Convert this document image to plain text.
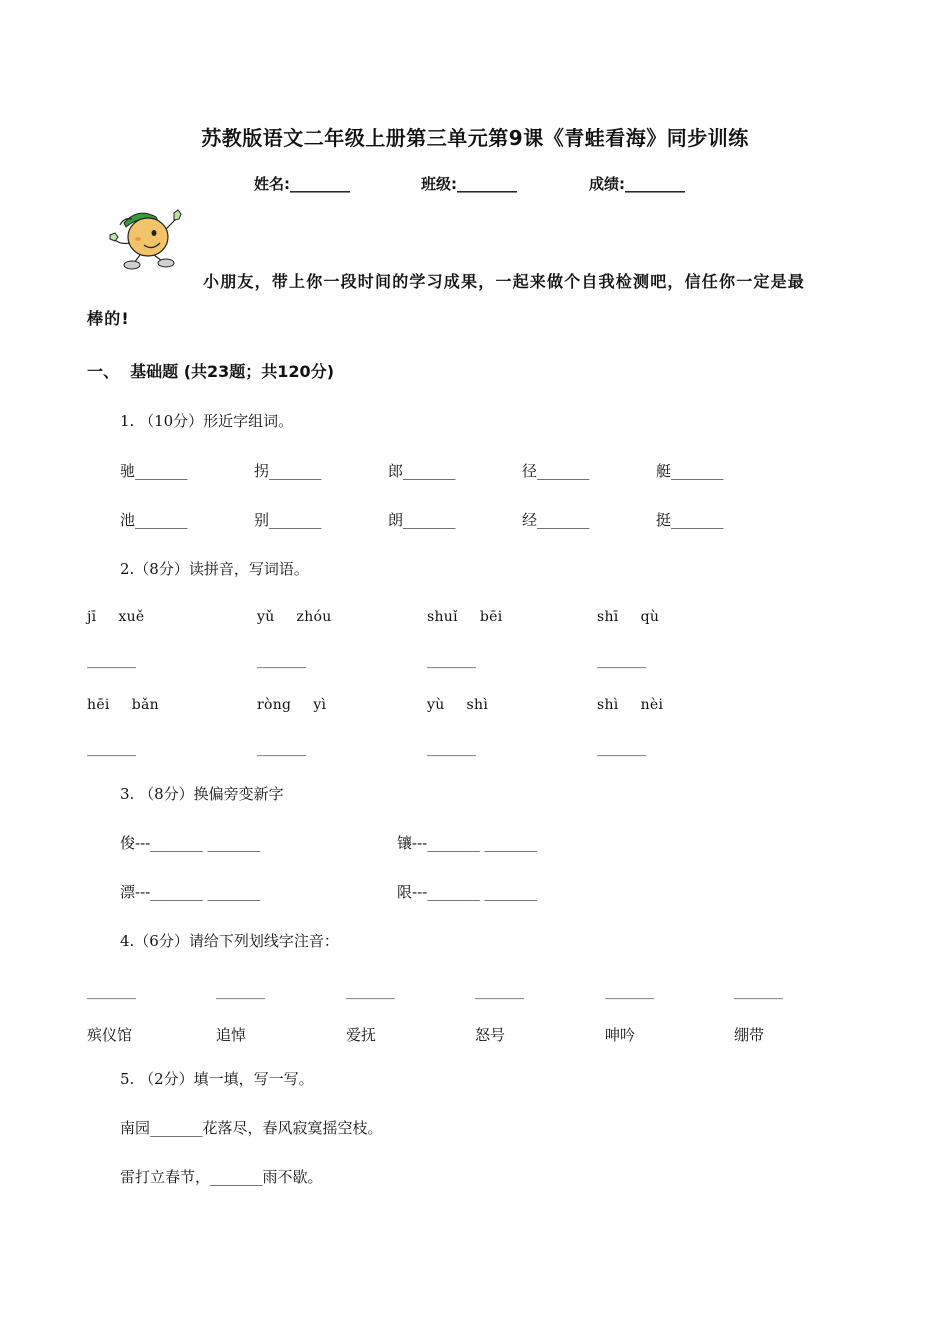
苏教版语文二年级上册第三单元第9课《青蛙看海》同步训练
姓名:________	班级:________	成绩:________
小朋友，带上你一段时间的学习成果，一起来做个自我检测吧，信任你一定是最
棒的!
一、  基础题 (共23题；共120分)
1. （10分）形近字组词。
驰_______	拐_______	郎_______	径_______	艇_______
池_______	别_______	朗_______	经_______	挺_______
2.（8分）读拼音，写词语。
jī xuě	yǔ zhóu	shuǐ bēi	shī qù
_______	_______	_______	_______
hēi bǎn	ròng yì	yù shì	shì nèi
_______	_______	_______	_______
3. （8分）换偏旁变新字
俊---_______ _______	镶---_______ _______
漂---_______ _______	限---_______ _______
4.（6分）请给下列划线字注音：
_______	_______	_______	_______	_______	_______
殡仪馆	追悼	爱抚	怒号	呻吟	绷带
5. （2分）填一填，写一写。
南园_______花落尽，春风寂寞摇空枝。
雷打立春节，_______雨不歇。
